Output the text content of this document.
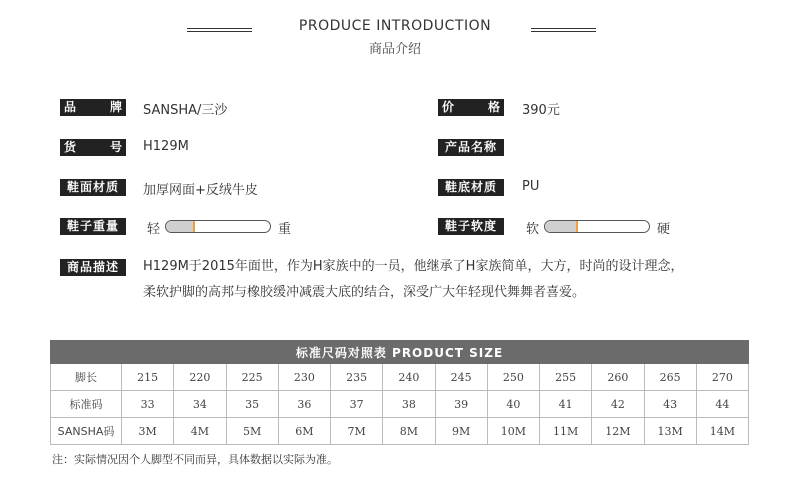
PRODUCE INTRODUCTION
商品介绍
品	牌 SANSHA/三沙	价	格 390元
货	号 H129M	产品名称
鞋面材质	加厚网面+反绒牛皮	鞋底材质	PU
鞋子重量	轻	重	鞋子软度	软	硬
商品描述	H129M于2015年面世，作为H家族中的一员，他继承了H家族简单，大方，时尚的设计理念，
柔软护脚的高邦与橡胶缓冲减震大底的结合，深受广大年轻现代舞舞者喜爱。
标准尺码对照表 PRODUCT SIZE												
脚长	215	220	225	230	235	240	245	250	255	260	265	270
标准码	33	34	35	36	37	38	39	40	41	42	43	44
SANSHA码	3M	4M	5M	6M	7M	8M	9M	10M	11M	12M	13M	14M
注：实际情况因个人脚型不同而异，具体数据以实际为准。
